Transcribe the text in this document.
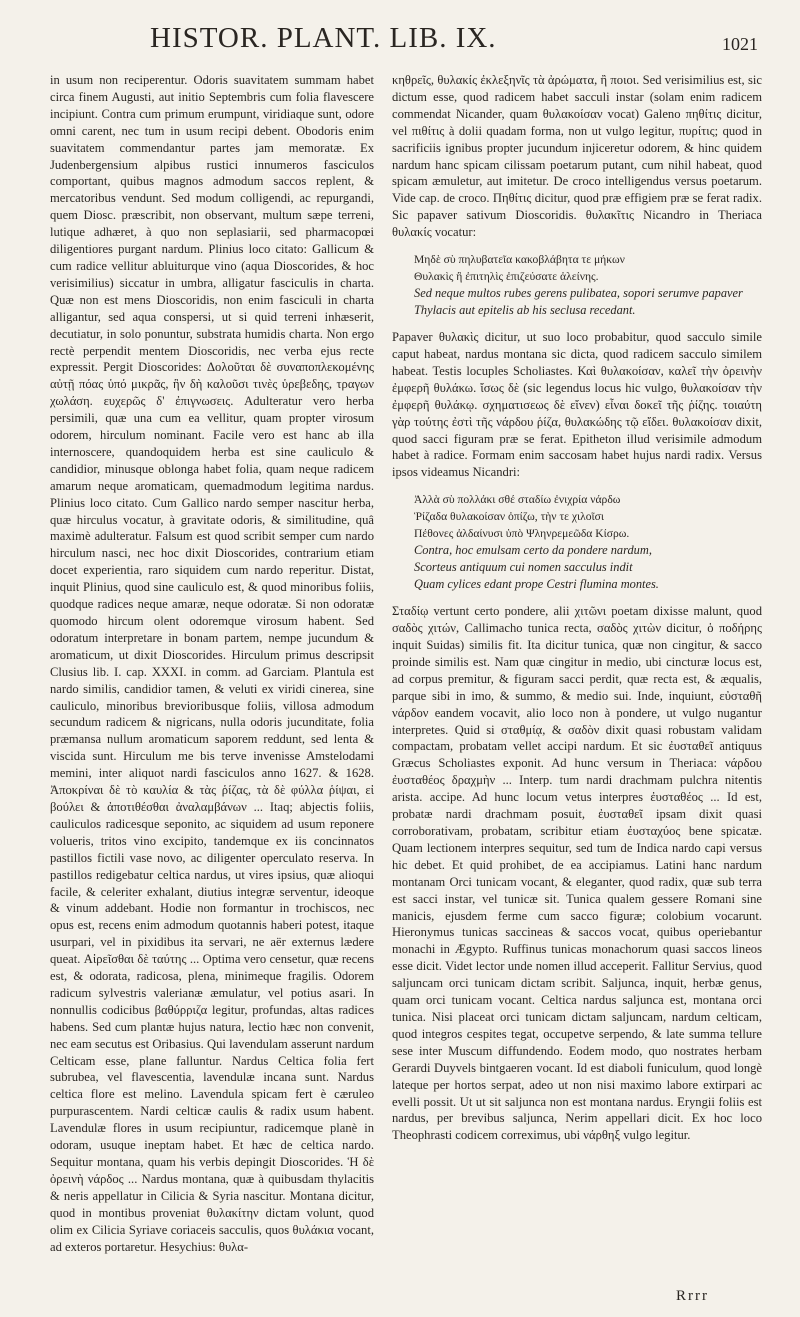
HISTOR. PLANT. LIB. IX.	1021

in usum non reciperentur. Odoris suavitatem summam habet circa finem Augusti, aut initio Septembris cum folia flavescere incipiunt. Contra cum primum erumpunt, viridiaque sunt, odore omni carent, nec tum in usum recipi debent. Obodoris enim suavitatem commendantur partes jam memoratæ. Ex Judenbergensium alpibus rustici innumeros fasciculos comportant, quibus magnos admodum saccos replent, & mercatoribus vendunt. Sed modum colligendi, ac repurgandi, quem Diosc. præscribit, non observant, multum sæpe terreni, lutique adhæret, à quo non seplasiarii, sed pharmacopœi diligentiores purgant nardum. Plinius loco citato: Gallicum & cum radice vellitur abluiturque vino (aqua Dioscorides, & hoc verisimilius) siccatur in umbra, alligatur fasciculis in charta. Quæ non est mens Dioscoridis, non enim fasciculi in charta alligantur, sed aqua conspersi, ut si quid terreni inhæserit, decutiatur, in solo ponuntur, substrata humidis charta. Non ergo rectè perpendit mentem Dioscoridis, nec verba ejus recte expressit. Pergit Dioscorides: Δολοῦται δὲ συναποπλεκομένης αὐτῇ πόας ὑπό μικρᾶς, ἣν δὴ καλοῦσι τινὲς ὑρεβεδης, τραγων χωλάση. ευχερῶς δ' ἐπιγνωσεις. Adulteratur vero herba persimili, quæ una cum ea vellitur, quam propter virosum odorem, hirculum nominant. Facile vero est hanc ab illa internoscere, quandoquidem herba est sine cauliculo & candidior, minusque oblonga habet folia, quam neque radicem amarum neque aromaticam, quemadmodum legitima nardus. Plinius loco citato. Cum Gallico nardo semper nascitur herba, quæ hirculus vocatur, à gravitate odoris, & similitudine, quâ maximè adulteratur. Falsum est quod scribit semper cum nardo hirculum nasci, nec hoc dixit Dioscorides, contrarium etiam docet experientia, raro siquidem cum nardo reperitur. Distat, inquit Plinius, quod sine cauliculo est, & quod minoribus foliis, quodque radices neque amaræ, neque odoratæ. Si non odoratæ quomodo hircum olent odoremque virosum habent. Sed odoratum interpretare in bonam partem, nempe jucundum & aromaticum, ut dixit Dioscorides. Hirculum primus descripsit Clusius lib. I. cap. XXXI. in comm. ad Garciam. Plantula est nardo similis, candidior tamen, & veluti ex viridi cinerea, sine cauliculo, minoribus brevioribusque foliis, villosa admodum secundum radicem & nigricans, nulla odoris jucunditate, folia præmansa nullum aromaticum saporem reddunt, sed lenta & viscida sunt. Hirculum me bis terve invenisse Amstelodami memini, inter aliquot nardi fasciculos anno 1627. & 1628. Ἀποκρίναι δὲ τὸ καυλία & τὰς ῥίζας, τὰ δὲ φύλλα ῥίψαι, εἰ βούλει & ἀποτιθέσθαι ἀναλαμβάνων ... Itaq; abjectis foliis, cauliculos radicesque seponito, ac siquidem ad usum reponere volueris, tritos vino excipito, tandemque ex iis concinnatos pastillos fictili vase novo, ac diligenter operculato reservа. In pastillos redigebatur celtica nardus, ut vires ipsius, quæ alioqui facile, & celeriter exhalant, diutius integræ serventur, ideoque & vinum addebant. Hodie non formantur in trochiscos, nec opus est, recens enim admodum quotannis haberi potest, itaque usurpari, vel in pixidibus ita servari, ne aër externus lædere queat. Αἱρεῖσθαι δὲ ταύτης ... Optima vero censetur, quæ recens est, & odorata, radicosa, plena, minimeque fragilis. Odorem radicum sylvestris valerianæ æmulatur, vel potius asari. In nonnullis codicibus βαθύρριζα legitur, profundas, altas radices habens. Sed cum plantæ hujus natura, lectio hæc non convenit, nec eam secutus est Oribasius. Qui lavendulam asserunt nardum Celticam esse, plane falluntur. Nardus Celtica folia fert subrubea, vel flavescentia, lavendulæ incana sunt. Nardus celtica flore est melino. Lavendula spicam fert è cæruleo purpurascentem. Nardi celticæ caulis & radix usum habent. Lavendulæ flores in usum recipiuntur, radicemque planè in odoram, usuque ineptam habet. Et hæc de celtica nardo. Sequitur montana, quam his verbis depingit Dioscorides. Ἡ δὲ ὀρεινὴ νάρδος ... Nardus montana, quæ à quibusdam thylacitis & neris appellatur in Cilicia & Syria nascitur. Montana dicitur, quod in montibus proveniat θυλακίτην dictam volunt, quod olim ex Cilicia Syriave coriaceis sacculis, quos θυλάκια vocant, ad exteros portaretur. Hesychius: θυλα-

κηθρεῖς, θυλακίς ἐκλεξηνῖς τὰ ἀρώματα, ἢ ποιοι. Sed verisimilius est, sic dictum esse, quod radicem habet sacculi instar (solam enim radicem commendat Nicander, quam θυλακοίσαν vocat) Galeno πηθίτις dicitur, vel πιθίτις à dolii quadam forma, non ut vulgo legitur, πυρίτις; quod in sacrificiis ignibus propter jucundum injiceretur odorem, & hinc quidem nardum hanc spicam cilissam poetarum putant, cum nihil habeat, quod spicam æmuletur, aut imitetur. De croco intelligendus versus poetarum. Vide cap. de croco. Πηθίτις dicitur, quod præ effigiem præ se ferat radix. Sic papaver sativum Dioscoridis. θυλακῖτις Nicandro in Theriaca θυλακίς vocatur:

Μηδὲ σὺ πηλυβατεῖα κακοβλάβητα τε μήκων
Θυλακὶς ἢ ἐπιτηλὶς ἐπιζεύσατε ἀλείνης.
Sed neque multos rubes gerens pulibatea, sopori serumve papaver
Thylacis aut epitelis ab his seclusa recedant.

Papaver θυλακὶς dicitur, ut suo loco probabitur, quod sacculo simile caput habeat, nardus montana sic dicta, quod radicem sacculo similem habeat. Testis locuples Scholiastes. Καὶ θυλακοίσαν, καλεῖ τὴν ὀρεινὴν ἐμφερῆ θυλάκω. ἴσως δὲ (sic legendus locus hic vulgo, θυλακοίσαν τὴν ἐμφερῆ θυλάκῳ. σχηματισεως δὲ εἴνεν) εἶναι δοκεῖ τῆς ῥίζης. τοιαύτη γὰρ τούτης ἐστὶ τῆς νάρδου ῥίζα, θυλακώδης τῷ εἴδει. θυλακοίσαν dixit, quod sacci figuram præ se ferat. Epitheton illud verisimile admodum habet à radice. Formam enim saccosam habet hujus nardi radix. Versus ipsos videamus Nicandri:

Ἀλλὰ σὺ πολλάκι σθέ σταδίω ἐνιχρία νάρδω
Ῥίζαδα θυλακοίσαν ὀπίζω, τὴν τε χιλοῖσι
Πέθονες ἀλδαίνυσι ὑπὸ Ψληνρεμεῶδα Κίσρω.
Contra, hoc emulsam certo da pondere nardum,
Scorteus antiquum cui nomen sacculus indit
Quam cylices edant prope Cestri flumina montes.

Σταδίῳ vertunt certo pondere, alii χιτῶνι poetam dixisse malunt, quod σαδὸς χιτών, Callimacho tunica recta, σαδὸς χιτὼν dicitur, ὁ ποδήρης inquit Suidas) similis fit. Ita dicitur tunica, quæ non cingitur, & sacco proinde similis est. Nam quæ cingitur in medio, ubi cincturæ locus est, ad corpus premitur, & figuram sacci perdit, quæ recta est, & æqualis, parque sibi in imo, & summo, & medio sui. Inde, inquiunt, εὐσταθῆ νάρδον eandem vocavit, alio loco non à pondere, ut vulgo nugantur interpretes. Quid si σταθμίᾳ, & σαδὸν dixit quasi robustam validam compactam, probatam vellet accipi nardum. Et sic ἐυσταθεῖ antiquus Græcus Scholiastes exponit. Ad hunc versum in Theriaca: νάρδου ἐυσταθέος δραχμὴν ... Interp. tum nardi drachmam pulchra nitentis arista. accipe. Ad hunc locum vetus interpres ἐυσταθέος ... Id est, probatæ nardi drachmam posuit, ἐυσταθεῖ ipsam dixit quasi corroborativam, probatam, scribitur etiam ἐυσταχύος bene spicatæ. Quam lectionem interpres sequitur, sed tum de Indica nardo capi versus hic debet. Et quid prohibet, de ea accipiamus. Latini hanc nardum montanam Orci tunicam vocant, & eleganter, quod radix, quæ sub terra est sacci instar, vel tunicæ sit. Tunica qualem gessere Romani sine manicis, ejusdem ferme cum sacco figuræ; colobium vocarunt. Hieronymus tunicas saccineas & saccos vocat, quibus operiebantur monachi in Ægypto. Ruffinus tunicas monachorum quasi saccos lineos esse dicit. Videt lector unde nomen illud acceperit. Fallitur Servius, quod saljuncam orci tunicam dictam scribit. Saljunca, inquit, herbæ genus, quam orci tunicam vocant. Celtica nardus saljunca est, montana orci tunica. Nisi placeat orci tunicam dictam saljuncam, nardum celticam, quod integros cespites tegat, occupetve serpendo, & late summa tellure sese inter Muscum diffundendo. Eodem modo, quo nostrates herbam Gerardi Duyvels bintgaeren vocant. Id est diaboli funiculum, quod longè lateque per hortos serpat, adeo ut non nisi maximo labore extirpari ac evelli possit. Ut ut sit saljunca non est montana nardus. Eryngii foliis est nardus, per brevibus saljunca, Nerim appellari dicit. Ex hoc loco Theophrasti codicem correximus, ubi νάρθηξ vulgo legitur.

Rrrr
